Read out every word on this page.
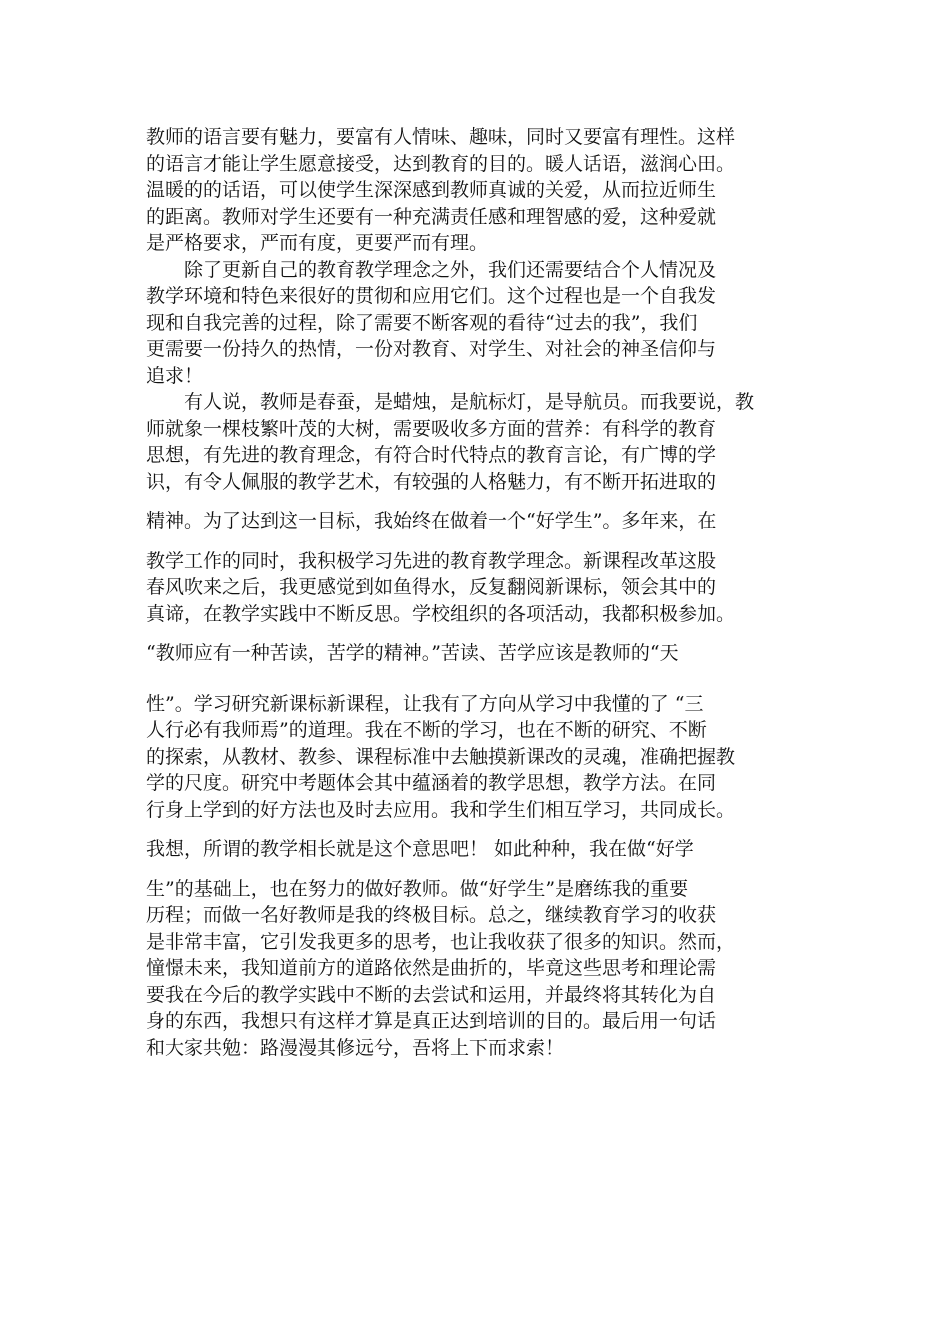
教师的语言要有魅力，要富有人情味、趣味，同时又要富有理性。这样
的语言才能让学生愿意接受，达到教育的目的。暖人话语，滋润心田。
温暖的的话语，可以使学生深深感到教师真诚的关爱，从而拉近师生
的距离。教师对学生还要有一种充满责任感和理智感的爱，这种爱就
是严格要求，严而有度，更要严而有理。
　　除了更新自己的教育教学理念之外，我们还需要结合个人情况及
教学环境和特色来很好的贯彻和应用它们。这个过程也是一个自我发
现和自我完善的过程，除了需要不断客观的看待“过去的我”，我们
更需要一份持久的热情，一份对教育、对学生、对社会的神圣信仰与
追求！
　　有人说，教师是春蚕，是蜡烛，是航标灯，是导航员。而我要说，教
师就象一棵枝繁叶茂的大树，需要吸收多方面的营养：有科学的教育
思想，有先进的教育理念，有符合时代特点的教育言论，有广博的学
识，有令人佩服的教学艺术，有较强的人格魅力，有不断开拓进取的
精神。为了达到这一目标，我始终在做着一个“好学生”。多年来，在
教学工作的同时，我积极学习先进的教育教学理念。新课程改革这股
春风吹来之后，我更感觉到如鱼得水，反复翻阅新课标，领会其中的
真谛，在教学实践中不断反思。学校组织的各项活动，我都积极参加。
“教师应有一种苦读，苦学的精神。”苦读、苦学应该是教师的“天
性”。学习研究新课标新课程，让我有了方向从学习中我懂的了 “三
人行必有我师焉”的道理。我在不断的学习，也在不断的研究、不断
的探索，从教材、教参、课程标准中去触摸新课改的灵魂，准确把握教
学的尺度。研究中考题体会其中蕴涵着的教学思想，教学方法。在同
行身上学到的好方法也及时去应用。我和学生们相互学习，共同成长。
我想，所谓的教学相长就是这个意思吧！ 如此种种，我在做“好学
生”的基础上，也在努力的做好教师。做“好学生”是磨练我的重要
历程；而做一名好教师是我的终极目标。总之，继续教育学习的收获
是非常丰富，它引发我更多的思考，也让我收获了很多的知识。然而，
憧憬未来，我知道前方的道路依然是曲折的，毕竟这些思考和理论需
要我在今后的教学实践中不断的去尝试和运用，并最终将其转化为自
身的东西，我想只有这样才算是真正达到培训的目的。最后用一句话
和大家共勉：路漫漫其修远兮，吾将上下而求索！
